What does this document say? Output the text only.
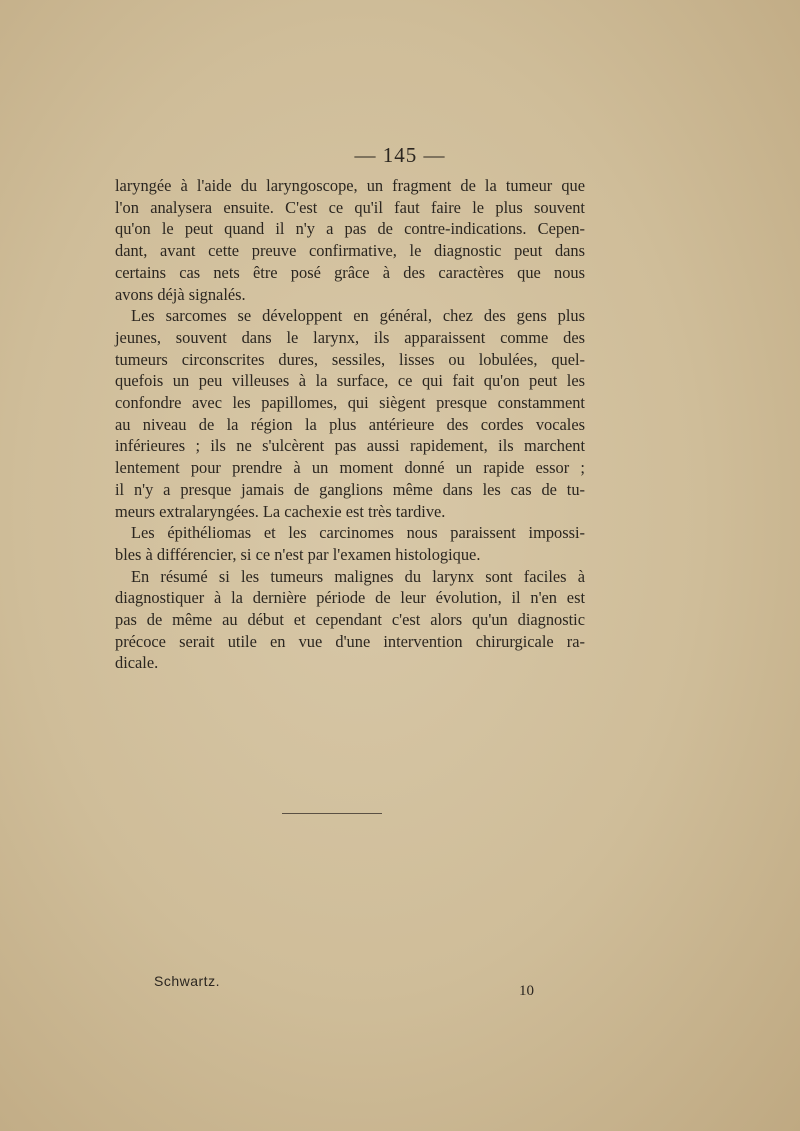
— 145 —

laryngée à l'aide du laryngoscope, un fragment de la tumeur que
l'on analysera ensuite. C'est ce qu'il faut faire le plus souvent
qu'on le peut quand il n'y a pas de contre-indications. Cepen-
dant, avant cette preuve confirmative, le diagnostic peut dans
certains cas nets être posé grâce à des caractères que nous
avons déjà signalés.

Les sarcomes se développent en général, chez des gens plus
jeunes, souvent dans le larynx, ils apparaissent comme des
tumeurs circonscrites dures, sessiles, lisses ou lobulées, quel-
quefois un peu villeuses à la surface, ce qui fait qu'on peut les
confondre avec les papillomes, qui siègent presque constamment
au niveau de la région la plus antérieure des cordes vocales
inférieures ; ils ne s'ulcèrent pas aussi rapidement, ils marchent
lentement pour prendre à un moment donné un rapide essor ;
il n'y a presque jamais de ganglions même dans les cas de tu-
meurs extralaryngées. La cachexie est très tardive.

Les épithéliomas et les carcinomes nous paraissent impossi-
bles à différencier, si ce n'est par l'examen histologique.

En résumé si les tumeurs malignes du larynx sont faciles à
diagnostiquer à la dernière période de leur évolution, il n'en est
pas de même au début et cependant c'est alors qu'un diagnostic
précoce serait utile en vue d'une intervention chirurgicale ra-
dicale.

Schwartz.
10
